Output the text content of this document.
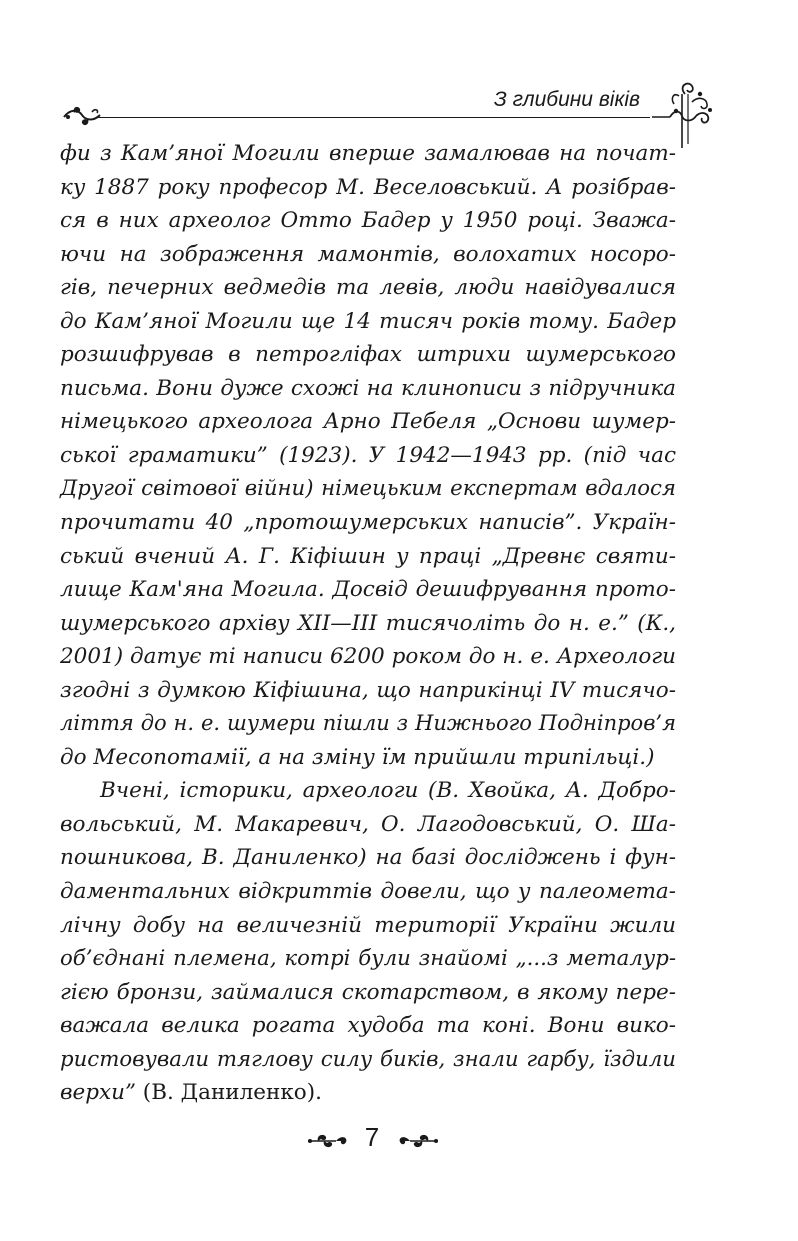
З глибини віків
фи з Кам’яної Могили вперше замалював на почат-
ку 1887 року професор М. Веселовський. А розібрав-
ся в них археолог Отто Бадер у 1950 році. Зважа-
ючи на зображення мамонтів, волохатих носоро-
гів, печерних ведмедів та левів, люди навідувалися
до Кам’яної Могили ще 14 тисяч років тому. Бадер
розшифрував в петрогліфах штрихи шумерського
письма. Вони дуже схожі на клинописи з підручника
німецького археолога Арно Пебеля „Основи шумер-
ської граматики” (1923). У 1942—1943 рр. (під час
Другої світової війни) німецьким експертам вдалося
прочитати 40 „протошумерських написів”. Україн-
ський вчений А. Г. Кіфішин у праці „Древнє святи-
лище Кам'яна Могила. Досвід дешифрування прото-
шумерського архіву XII—III тисячоліть до н. е.” (К.,
2001) датує ті написи 6200 роком до н. е. Археологи
згодні з думкою Кіфішина, що наприкінці IV тисячо-
ліття до н. е. шумери пішли з Нижнього Подніпров’я
до Месопотамії, а на зміну їм прийшли трипільці.)
Вчені, історики, археологи (В. Хвойка, А. Добро-
вольський, М. Макаревич, О. Лагодовський, О. Ша-
пошникова, В. Даниленко) на базі досліджень і фун-
даментальних відкриттів довели, що у палеомета-
лічну добу на величезній території України жили
об’єднані племена, котрі були знайомі „...з металур-
гією бронзи, займалися скотарством, в якому пере-
важала велика рогата худоба та коні. Вони вико-
ристовували тяглову силу биків, знали гарбу, їздили
верхи” (В. Даниленко).
7
